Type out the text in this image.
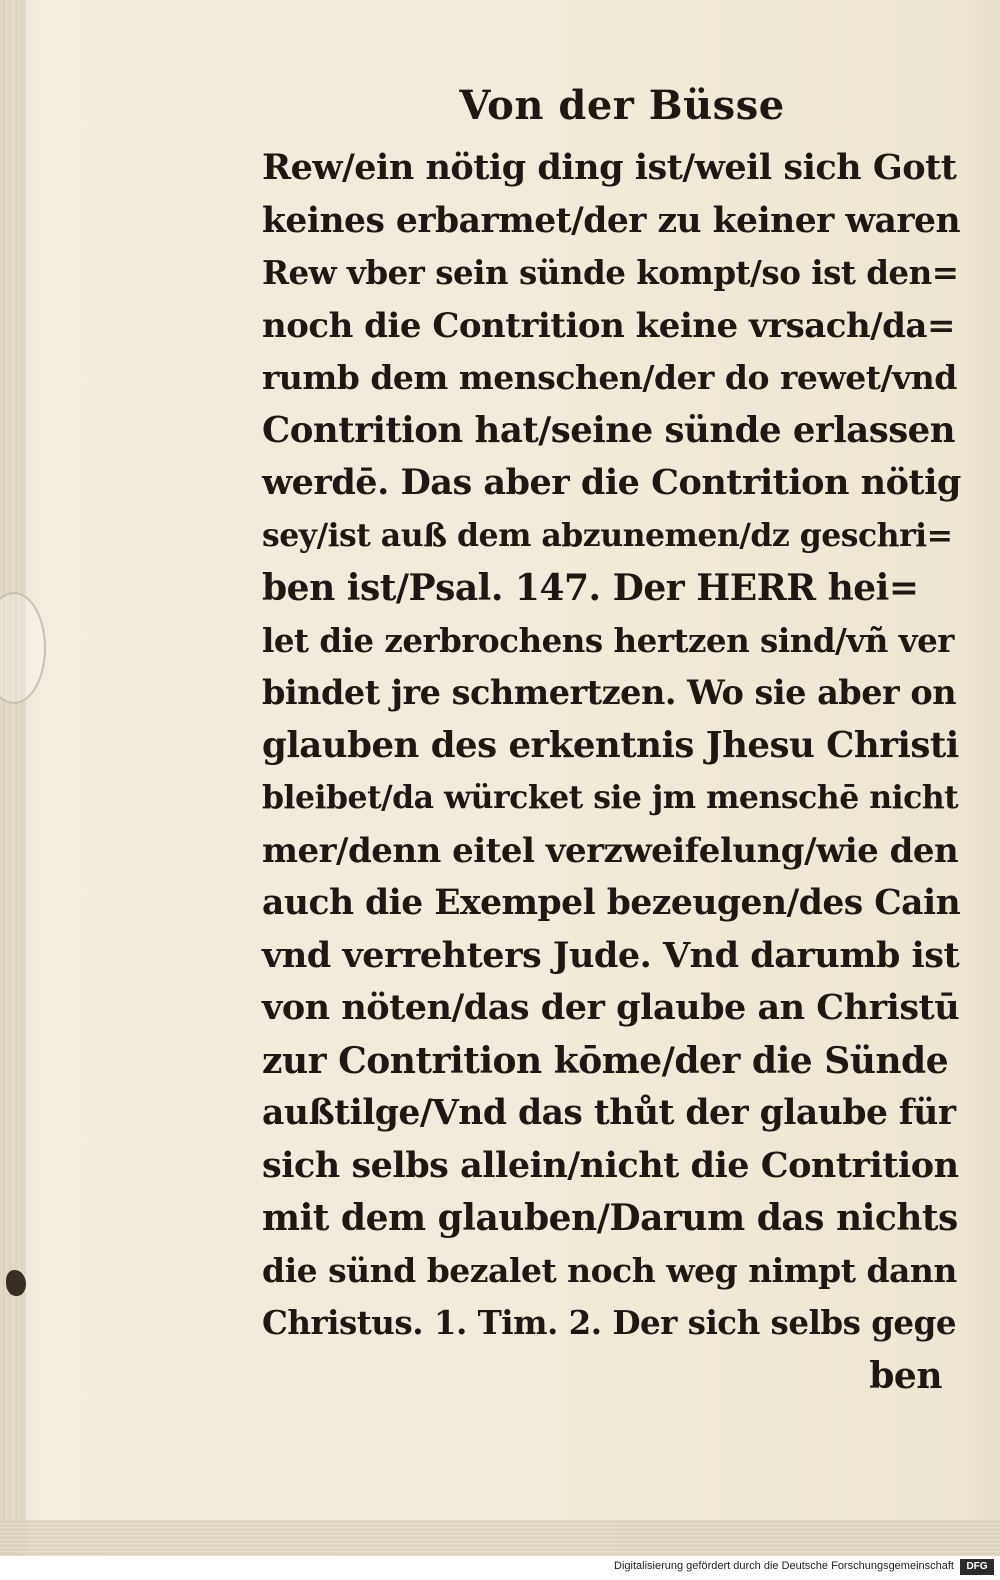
Von der Büsse
Rew/ein nötig ding ist/weil sich Gott
keines erbarmet/der zu keiner waren
Rew vber sein sünde kompt/so ist den=
noch die Contrition keine vrsach/da=
rumb dem menschen/der do rewet/vnd
Contrition hat/seine sünde erlassen
werdē. Das aber die Contrition nötig
sey/ist auß dem abzunemen/dz geschri=
ben ist/Psal. 147. Der HERR hei=
let die zerbrochens hertzen sind/vñ ver
bindet jre schmertzen. Wo sie aber on
glauben des erkentnis Jhesu Christi
bleibet/da würcket sie jm menschē nicht
mer/denn eitel verzweifelung/wie den
auch die Exempel bezeugen/des Cain
vnd verrehters Jude. Vnd darumb ist
von nöten/das der glaube an Christū
zur Contrition kōme/der die Sünde
außtilge/Vnd das thůt der glaube für
sich selbs allein/nicht die Contrition
mit dem glauben/Darum das nichts
die sünd bezalet noch weg nimpt dann
Christus. 1. Tim. 2. Der sich selbs gege
ben
Digitalisierung gefördert durch die Deutsche Forschungsgemeinschaft	DFG
